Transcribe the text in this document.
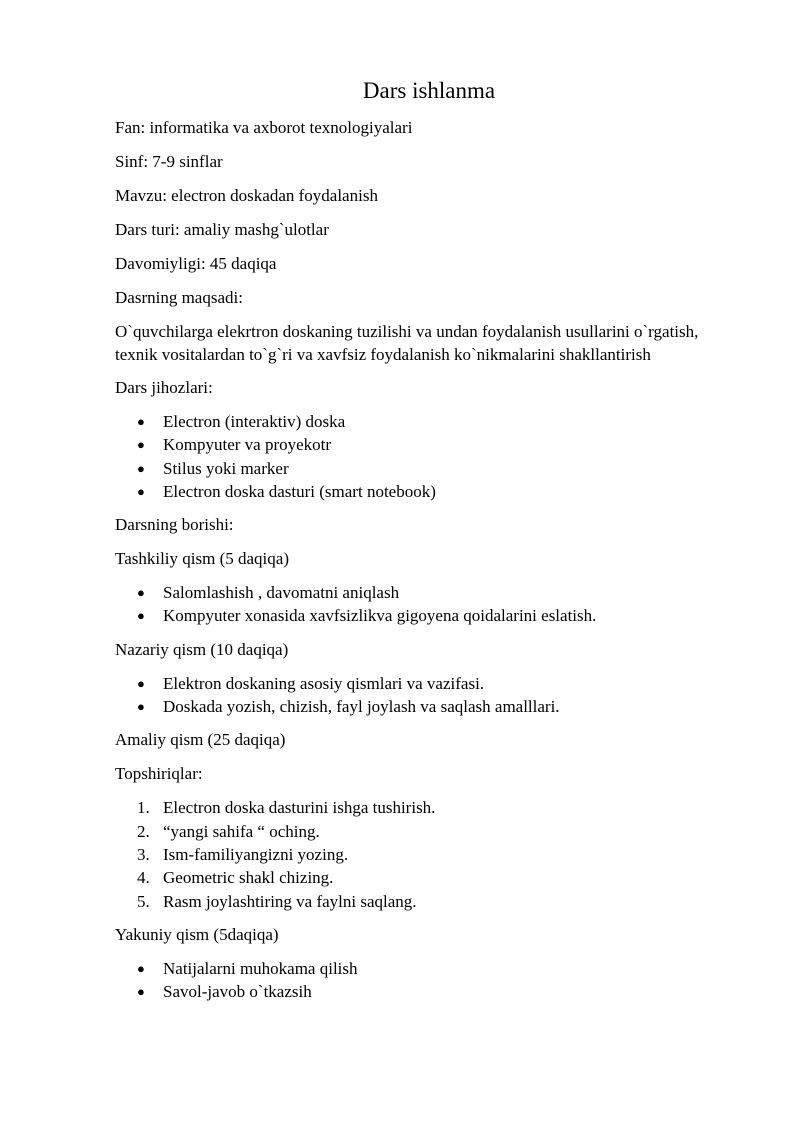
Dars ishlanma
Fan: informatika va axborot texnologiyalari
Sinf: 7-9 sinflar
Mavzu: electron doskadan foydalanish
Dars turi: amaliy mashg`ulotlar
Davomiyligi: 45 daqiqa
Dasrning maqsadi:
O`quvchilarga elekrtron doskaning tuzilishi va undan foydalanish usullarini o`rgatish, texnik vositalardan to`g`ri va xavfsiz foydalanish ko`nikmalarini shakllantirish
Dars jihozlari:
● Electron (interaktiv) doska
● Kompyuter va proyekotr
● Stilus yoki marker
● Electron doska dasturi (smart notebook)
Darsning borishi:
Tashkiliy qism (5 daqiqa)
● Salomlashish , davomatni aniqlash
● Kompyuter xonasida xavfsizlikva gigoyena qoidalarini eslatish.
Nazariy qism (10 daqiqa)
● Elektron doskaning asosiy qismlari va vazifasi.
● Doskada yozish, chizish, fayl joylash va saqlash amalllari.
Amaliy qism (25 daqiqa)
Topshiriqlar:
1. Electron doska dasturini ishga tushirish.
2. “yangi sahifa “ oching.
3. Ism-familiyangizni yozing.
4. Geometric shakl chizing.
5. Rasm joylashtiring va faylni saqlang.
Yakuniy qism (5daqiqa)
● Natijalarni muhokama qilish
● Savol-javob o`tkazsih
